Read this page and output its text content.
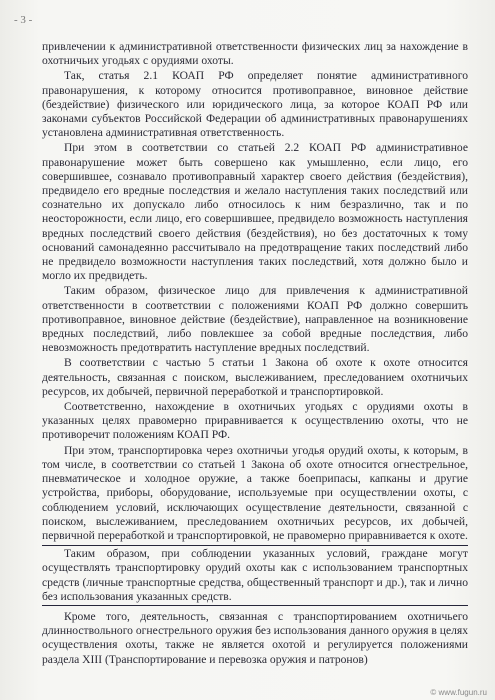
- 3 -

привлечении к административной ответственности физических лиц за нахождение в охотничьих угодьях с орудиями охоты.

Так, статья 2.1 КОАП РФ определяет понятие административного правонарушения, к которому относится противоправное, виновное действие (бездействие) физического или юридического лица, за которое КОАП РФ или законами субъектов Российской Федерации об административных правонарушениях установлена административная ответственность.

При этом в соответствии со статьей 2.2 КОАП РФ административное правонарушение может быть совершено как умышленно, если лицо, его совершившее, сознавало противоправный характер своего действия (бездействия), предвидело его вредные последствия и желало наступления таких последствий или сознательно их допускало либо относилось к ним безразлично, так и по неосторожности, если лицо, его совершившее, предвидело возможность наступления вредных последствий своего действия (бездействия), но без достаточных к тому оснований самонадеянно рассчитывало на предотвращение таких последствий либо не предвидело возможности наступления таких последствий, хотя должно было и могло их предвидеть.

Таким образом, физическое лицо для привлечения к административной ответственности в соответствии с положениями КОАП РФ должно совершить противоправное, виновное действие (бездействие), направленное на возникновение вредных последствий, либо повлекшее за собой вредные последствия, либо невозможность предотвратить наступление вредных последствий.

В соответствии с частью 5 статьи 1 Закона об охоте к охоте относится деятельность, связанная с поиском, выслеживанием, преследованием охотничьих ресурсов, их добычей, первичной переработкой и транспортировкой.

Соответственно, нахождение в охотничьих угодьях с орудиями охоты в указанных целях правомерно приравнивается к осуществлению охоты, что не противоречит положениям КОАП РФ.

При этом, транспортировка через охотничьи угодья орудий охоты, к которым, в том числе, в соответствии со статьей 1 Закона об охоте относится огнестрельное, пневматическое и холодное оружие, а также боеприпасы, капканы и другие устройства, приборы, оборудование, используемые при осуществлении охоты, с соблюдением условий, исключающих осуществление деятельности, связанной с поиском, выслеживанием, преследованием охотничьих ресурсов, их добычей, первичной переработкой и транспортировкой, не правомерно приравнивается к охоте.

Таким образом, при соблюдении указанных условий, граждане могут осуществлять транспортировку орудий охоты как с использованием транспортных средств (личные транспортные средства, общественный транспорт и др.), так и лично без использования указанных средств.

Кроме того, деятельность, связанная с транспортированием охотничьего длинноствольного огнестрельного оружия без использования данного оружия в целях осуществления охоты, также не является охотой и регулируется положениями раздела XIII (Транспортирование и перевозка оружия и патронов)

© www.fugun.ru
